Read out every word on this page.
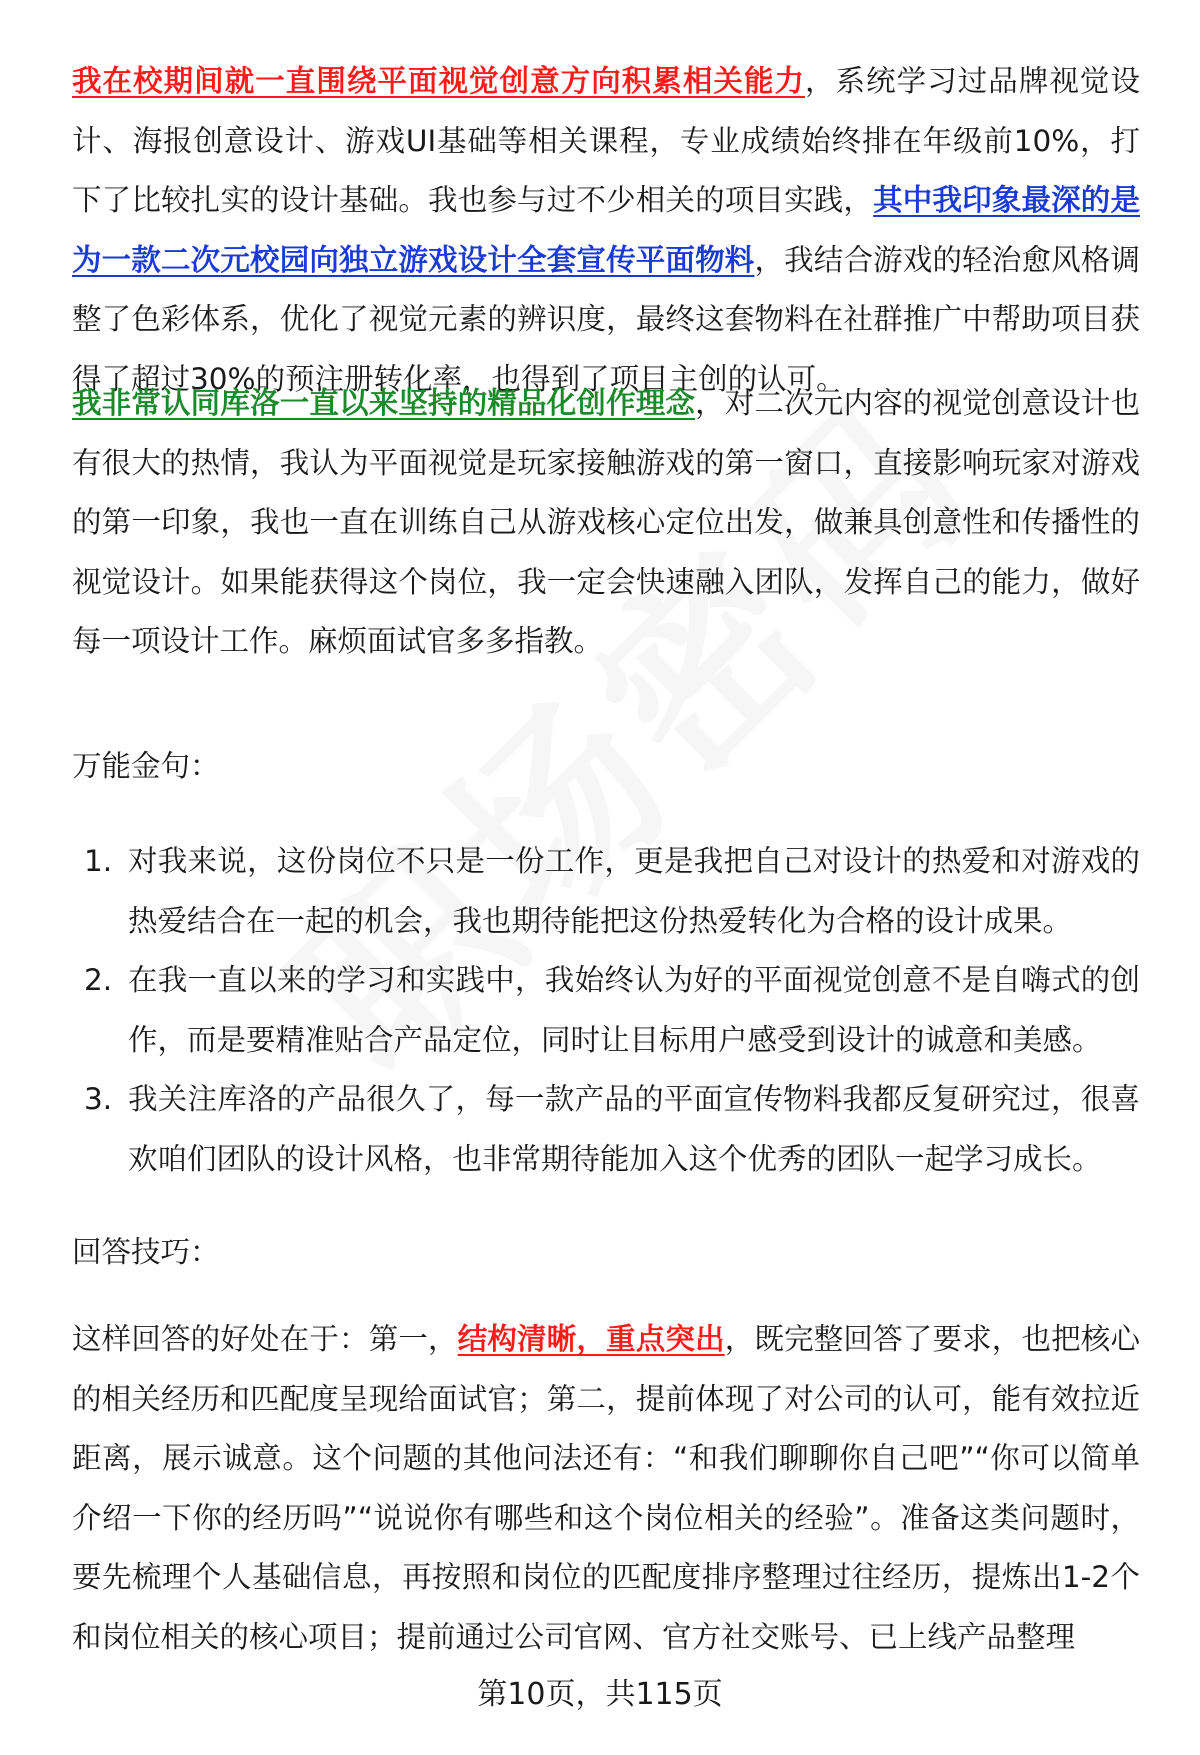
我在校期间就一直围绕平面视觉创意方向积累相关能力，系统学习过品牌视觉设计、海报创意设计、游戏UI基础等相关课程，专业成绩始终排在年级前10%，打下了比较扎实的设计基础。我也参与过不少相关的项目实践，其中我印象最深的是为一款二次元校园向独立游戏设计全套宣传平面物料，我结合游戏的轻治愈风格调整了色彩体系，优化了视觉元素的辨识度，最终这套物料在社群推广中帮助项目获得了超过30%的预注册转化率，也得到了项目主创的认可。

我非常认同库洛一直以来坚持的精品化创作理念，对二次元内容的视觉创意设计也有很大的热情，我认为平面视觉是玩家接触游戏的第一窗口，直接影响玩家对游戏的第一印象，我也一直在训练自己从游戏核心定位出发，做兼具创意性和传播性的视觉设计。如果能获得这个岗位，我一定会快速融入团队，发挥自己的能力，做好每一项设计工作。麻烦面试官多多指教。

万能金句：

1. 对我来说，这份岗位不只是一份工作，更是我把自己对设计的热爱和对游戏的热爱结合在一起的机会，我也期待能把这份热爱转化为合格的设计成果。
2. 在我一直以来的学习和实践中，我始终认为好的平面视觉创意不是自嗨式的创作，而是要精准贴合产品定位，同时让目标用户感受到设计的诚意和美感。
3. 我关注库洛的产品很久了，每一款产品的平面宣传物料我都反复研究过，很喜欢咱们团队的设计风格，也非常期待能加入这个优秀的团队一起学习成长。

回答技巧：

这样回答的好处在于：第一，结构清晰，重点突出，既完整回答了要求，也把核心的相关经历和匹配度呈现给面试官；第二，提前体现了对公司的认可，能有效拉近距离，展示诚意。这个问题的其他问法还有：“和我们聊聊你自己吧”“你可以简单介绍一下你的经历吗”“说说你有哪些和这个岗位相关的经验”。准备这类问题时，要先梳理个人基础信息，再按照和岗位的匹配度排序整理过往经历，提炼出1-2个和岗位相关的核心项目；提前通过公司官网、官方社交账号、已上线产品整理

第10页，共115页
